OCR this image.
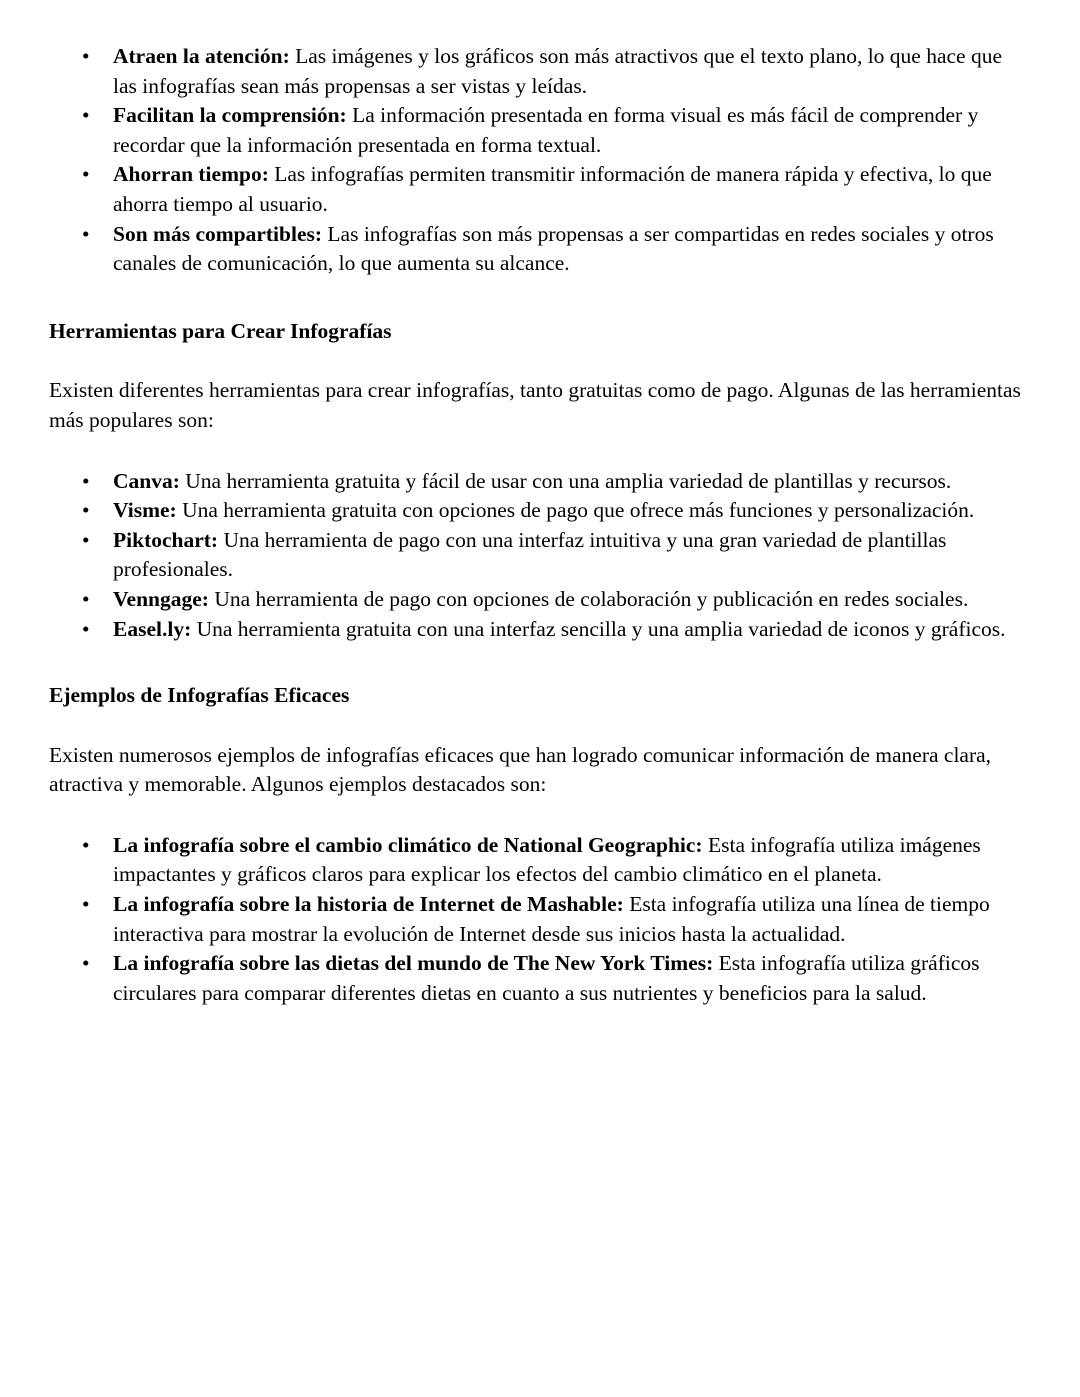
•	Atraen la atención: Las imágenes y los gráficos son más atractivos que el texto plano, lo que hace que las infografías sean más propensas a ser vistas y leídas.
•	Facilitan la comprensión: La información presentada en forma visual es más fácil de comprender y recordar que la información presentada en forma textual.
•	Ahorran tiempo: Las infografías permiten transmitir información de manera rápida y efectiva, lo que ahorra tiempo al usuario.
•	Son más compartibles: Las infografías son más propensas a ser compartidas en redes sociales y otros canales de comunicación, lo que aumenta su alcance.
Herramientas para Crear Infografías

Existen diferentes herramientas para crear infografías, tanto gratuitas como de pago. Algunas de las herramientas más populares son:

•	Canva: Una herramienta gratuita y fácil de usar con una amplia variedad de plantillas y recursos.
•	Visme: Una herramienta gratuita con opciones de pago que ofrece más funciones y personalización.
•	Piktochart: Una herramienta de pago con una interfaz intuitiva y una gran variedad de plantillas profesionales.
•	Venngage: Una herramienta de pago con opciones de colaboración y publicación en redes sociales.
•	Easel.ly: Una herramienta gratuita con una interfaz sencilla y una amplia variedad de iconos y gráficos.
Ejemplos de Infografías Eficaces

Existen numerosos ejemplos de infografías eficaces que han logrado comunicar información de manera clara, atractiva y memorable. Algunos ejemplos destacados son:

•	La infografía sobre el cambio climático de National Geographic: Esta infografía utiliza imágenes impactantes y gráficos claros para explicar los efectos del cambio climático en el planeta.
•	La infografía sobre la historia de Internet de Mashable: Esta infografía utiliza una línea de tiempo interactiva para mostrar la evolución de Internet desde sus inicios hasta la actualidad.
•	La infografía sobre las dietas del mundo de The New York Times: Esta infografía utiliza gráficos circulares para comparar diferentes dietas en cuanto a sus nutrientes y beneficios para la salud.
